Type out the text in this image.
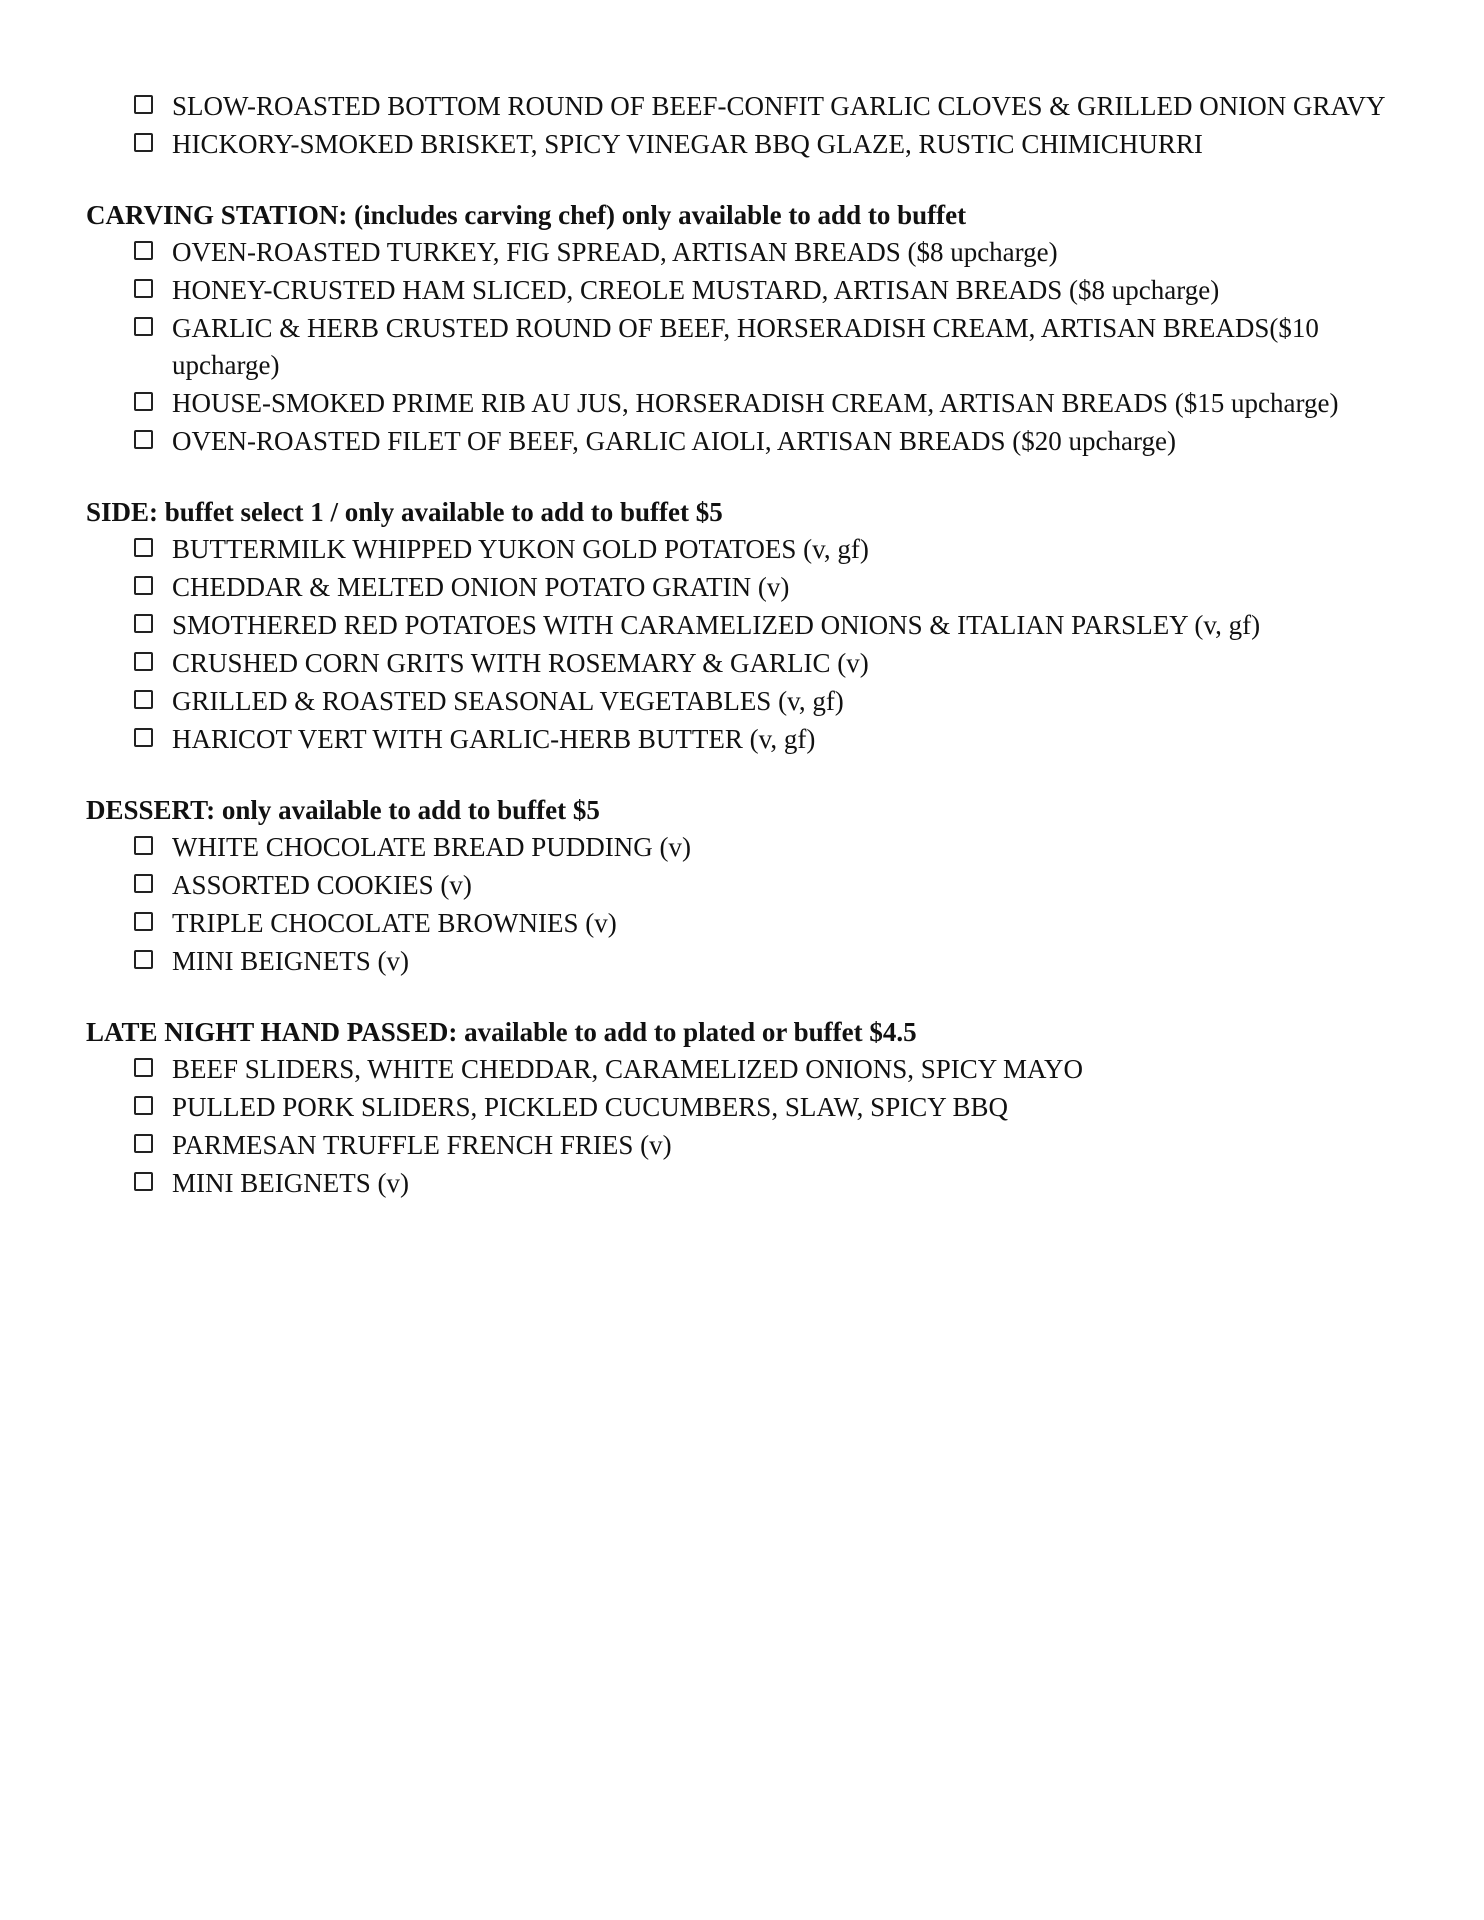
SLOW-ROASTED BOTTOM ROUND OF BEEF-CONFIT GARLIC CLOVES & GRILLED ONION GRAVY
HICKORY-SMOKED BRISKET, SPICY VINEGAR BBQ GLAZE, RUSTIC CHIMICHURRI

CARVING STATION: (includes carving chef) only available to add to buffet

OVEN-ROASTED TURKEY, FIG SPREAD, ARTISAN BREADS ($8 upcharge)
HONEY-CRUSTED HAM SLICED, CREOLE MUSTARD, ARTISAN BREADS ($8 upcharge)
GARLIC & HERB CRUSTED ROUND OF BEEF, HORSERADISH CREAM, ARTISAN BREADS($10 upcharge)
HOUSE-SMOKED PRIME RIB AU JUS, HORSERADISH CREAM, ARTISAN BREADS ($15 upcharge)
OVEN-ROASTED FILET OF BEEF, GARLIC AIOLI, ARTISAN BREADS ($20 upcharge)

SIDE: buffet select 1 / only available to add to buffet $5

BUTTERMILK WHIPPED YUKON GOLD POTATOES (v, gf)
CHEDDAR & MELTED ONION POTATO GRATIN (v)
SMOTHERED RED POTATOES WITH CARAMELIZED ONIONS & ITALIAN PARSLEY (v, gf)
CRUSHED CORN GRITS WITH ROSEMARY & GARLIC (v)
GRILLED & ROASTED SEASONAL VEGETABLES (v, gf)
HARICOT VERT WITH GARLIC-HERB BUTTER (v, gf)

DESSERT: only available to add to buffet $5

WHITE CHOCOLATE BREAD PUDDING (v)
ASSORTED COOKIES (v)
TRIPLE CHOCOLATE BROWNIES (v)
MINI BEIGNETS (v)

LATE NIGHT HAND PASSED: available to add to plated or buffet $4.5

BEEF SLIDERS, WHITE CHEDDAR, CARAMELIZED ONIONS, SPICY MAYO
PULLED PORK SLIDERS, PICKLED CUCUMBERS, SLAW, SPICY BBQ
PARMESAN TRUFFLE FRENCH FRIES (v)
MINI BEIGNETS (v)
